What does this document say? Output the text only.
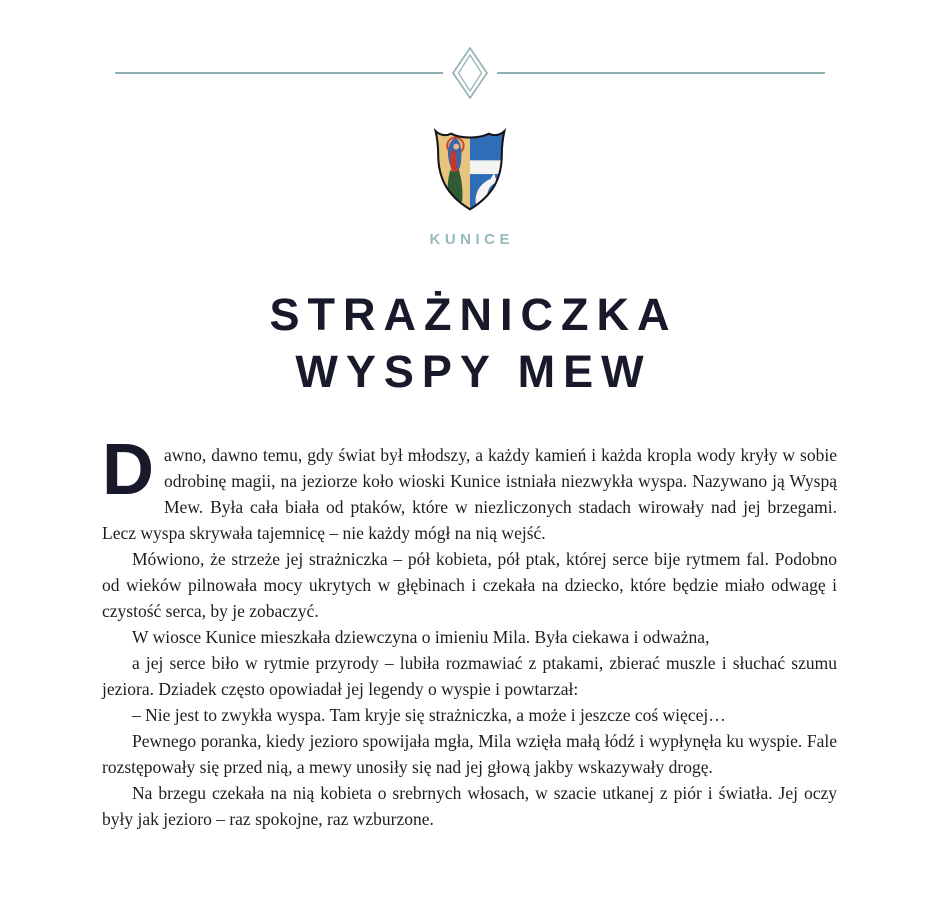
KUNICE
STRAŻNICZKA
WYSPY MEW

Dawno, dawno temu, gdy świat był młodszy, a każdy kamień i każda kropla wody kryły w sobie odrobinę magii, na jeziorze koło wioski Kunice istniała niezwykła wyspa. Nazywano ją Wyspą Mew. Była cała biała od ptaków, które w niezliczonych stadach wirowały nad jej brzegami. Lecz wyspa skrywała tajemnicę – nie każdy mógł na nią wejść.

Mówiono, że strzeże jej strażniczka – pół kobieta, pół ptak, której serce bije rytmem fal. Podobno od wieków pilnowała mocy ukrytych w głębinach i czekała na dziecko, które będzie miało odwagę i czystość serca, by je zobaczyć.

W wiosce Kunice mieszkała dziewczyna o imieniu Mila. Była ciekawa i odważna,

a jej serce biło w rytmie przyrody – lubiła rozmawiać z ptakami, zbierać muszle i słuchać szumu jeziora. Dziadek często opowiadał jej legendy o wyspie i powtarzał:

– Nie jest to zwykła wyspa. Tam kryje się strażniczka, a może i jeszcze coś więcej…

Pewnego poranka, kiedy jezioro spowijała mgła, Mila wzięła małą łódź i wypłynęła ku wyspie. Fale rozstępowały się przed nią, a mewy unosiły się nad jej głową jakby wskazywały drogę.

Na brzegu czekała na nią kobieta o srebrnych włosach, w szacie utkanej z piór i światła. Jej oczy były jak jezioro – raz spokojne, raz wzburzone.
